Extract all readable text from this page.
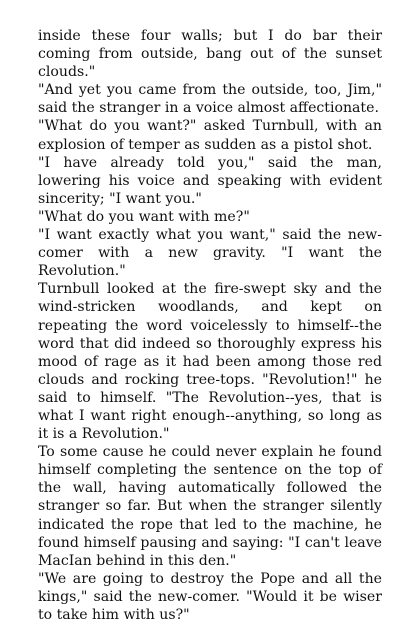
inside these four walls; but I do bar their coming from outside, bang out of the sunset clouds."

"And yet you came from the outside, too, Jim," said the stranger in a voice almost affectionate.

"What do you want?" asked Turnbull, with an explosion of temper as sudden as a pistol shot.

"I have already told you," said the man, lowering his voice and speaking with evident sincerity; "I want you."

"What do you want with me?"

"I want exactly what you want," said the new-comer with a new gravity. "I want the Revolution."

Turnbull looked at the fire-swept sky and the wind-stricken woodlands, and kept on repeating the word voicelessly to himself--the word that did indeed so thoroughly express his mood of rage as it had been among those red clouds and rocking tree-tops. "Revolution!" he said to himself. "The Revolution--yes, that is what I want right enough--anything, so long as it is a Revolution."

To some cause he could never explain he found himself completing the sentence on the top of the wall, having automatically followed the stranger so far. But when the stranger silently indicated the rope that led to the machine, he found himself pausing and saying: "I can't leave MacIan behind in this den."

"We are going to destroy the Pope and all the kings," said the new-comer. "Would it be wiser to take him with us?"
